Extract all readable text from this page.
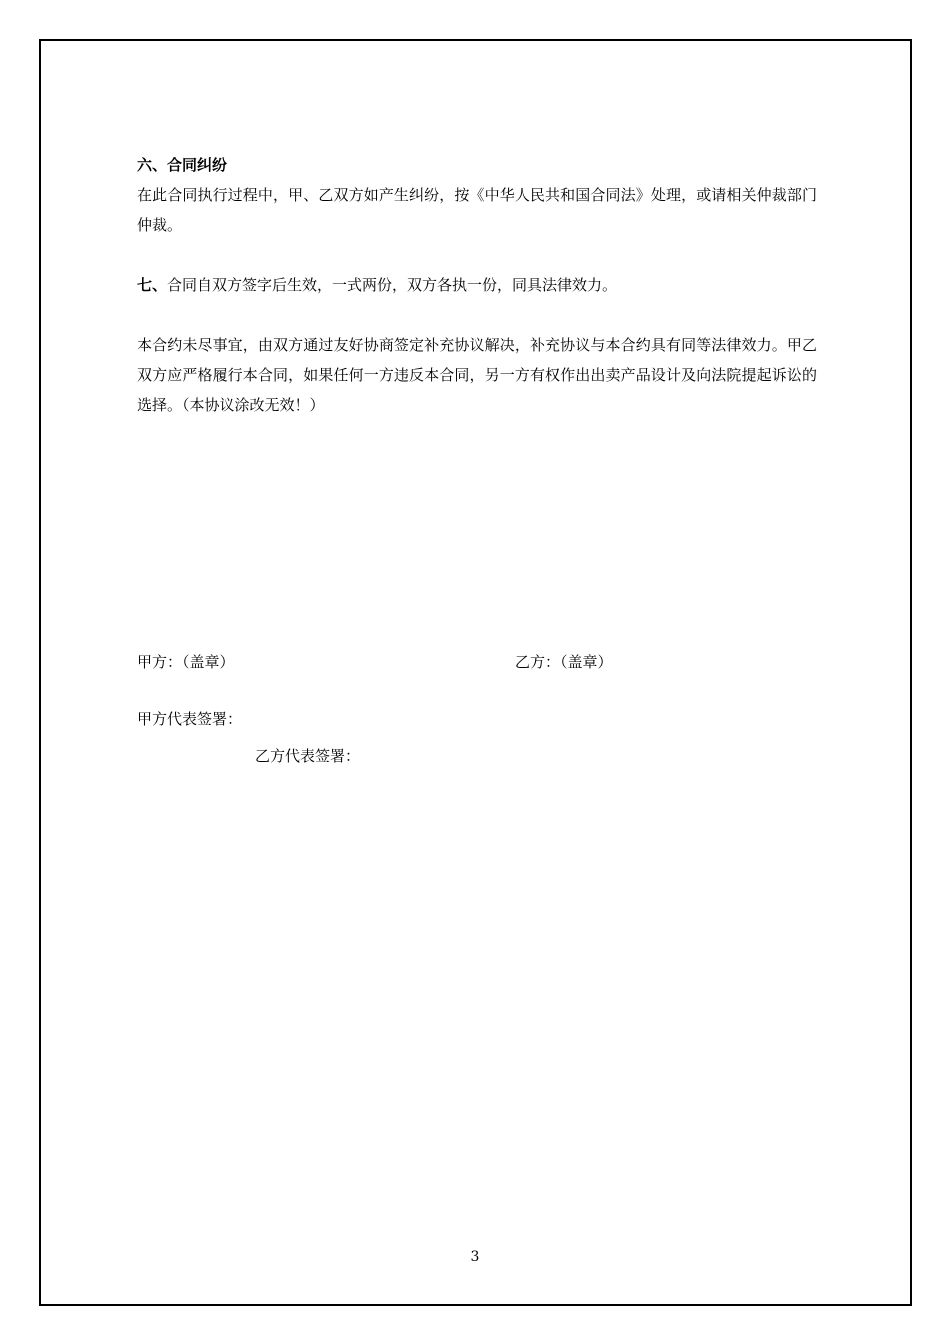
六、合同纠纷

在此合同执行过程中，甲、乙双方如产生纠纷，按《中华人民共和国合同法》处理，或请相关仲裁部门仲裁。

七、合同自双方签字后生效，一式两份，双方各执一份，同具法律效力。

本合约未尽事宜，由双方通过友好协商签定补充协议解决，补充协议与本合约具有同等法律效力。甲乙双方应严格履行本合同，如果任何一方违反本合同，另一方有权作出出卖产品设计及向法院提起诉讼的选择。（本协议涂改无效！）

甲方：（盖章）	乙方：（盖章）
甲方代表签署：
乙方代表签署：
3
